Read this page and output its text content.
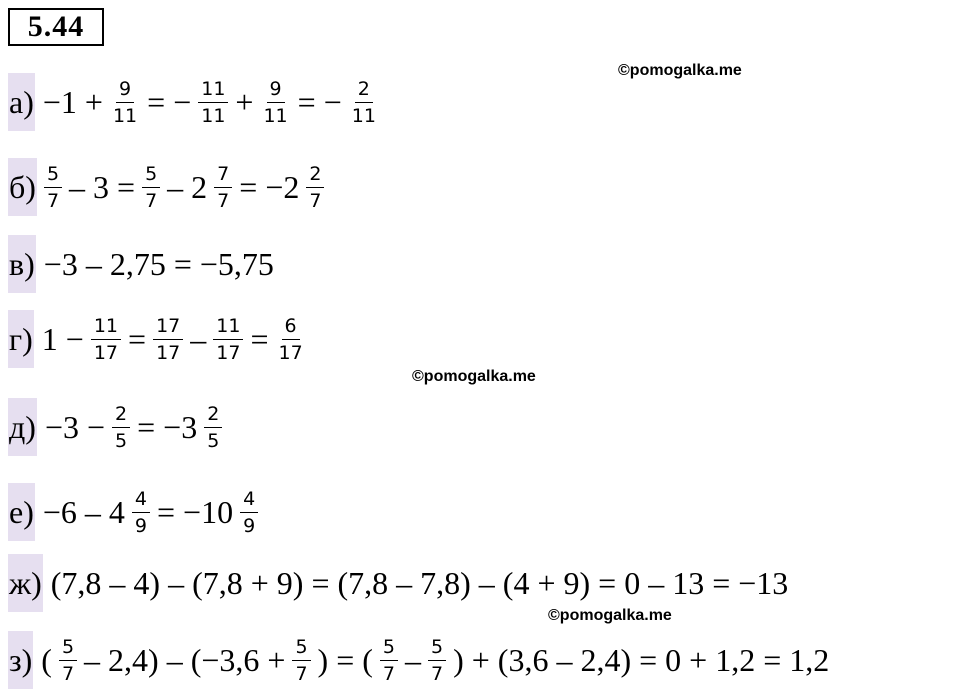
5.44
©pomogalka.me
©pomogalka.me
©pomogalka.me
$а) -1 + \frac{9}{11}$ = − $\frac{11}{11} + \frac{9}{11}$ = − $\frac{2}{11}$
$б) \frac{5}{7} - 3 = \frac{5}{7} - 2 \frac{7}{7} = -2 \frac{2}{7}$
в) −3 – 2,75 = −5,75
г) $1 - \frac{11}{17} = \frac{17}{17} - \frac{11}{17} = \frac{6}{17}$
$д) -3 - \frac{2}{5} = -3 \frac{2}{5}$
$е) -6 - 4 \frac{4}{9} = -10 \frac{4}{9}$
ж) (7,8 – 4) – (7,8 + 9) = (7,8 – 7,8) – (4 + 9) = 0 – 13 = −13
з) ( $\frac{5}{7} - 2,4) - (-3,6 + \frac{5}{7}$ ) = ( $\frac{5}{7} - \frac{5}{7}$ ) + (3,6 – 2,4) = 0 + 1,2 = 1,2
